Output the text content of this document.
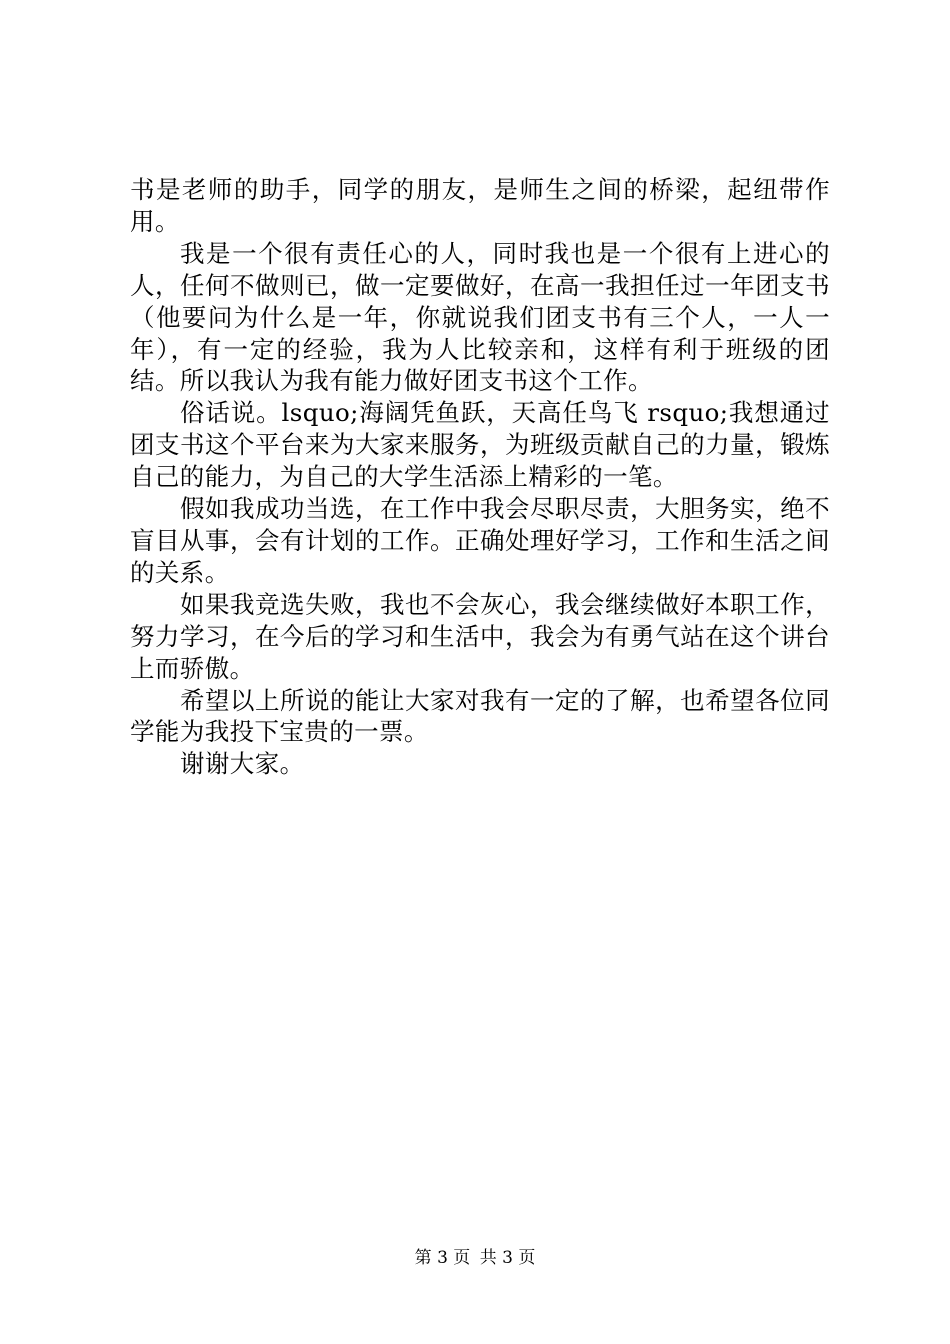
书是老师的助手，同学的朋友，是师生之间的桥梁，起纽带作用。

我是一个很有责任心的人，同时我也是一个很有上进心的人，任何不做则已，做一定要做好，在高一我担任过一年团支书（他要问为什么是一年，你就说我们团支书有三个人，一人一年），有一定的经验，我为人比较亲和，这样有利于班级的团结。所以我认为我有能力做好团支书这个工作。

俗话说。lsquo;海阔凭鱼跃，天高任鸟飞 rsquo;我想通过团支书这个平台来为大家来服务，为班级贡献自己的力量，锻炼自己的能力，为自己的大学生活添上精彩的一笔。

假如我成功当选，在工作中我会尽职尽责，大胆务实，绝不盲目从事，会有计划的工作。正确处理好学习，工作和生活之间的关系。

如果我竞选失败，我也不会灰心，我会继续做好本职工作，努力学习，在今后的学习和生活中，我会为有勇气站在这个讲台上而骄傲。

希望以上所说的能让大家对我有一定的了解，也希望各位同学能为我投下宝贵的一票。

谢谢大家。

第 3 页 共 3 页
